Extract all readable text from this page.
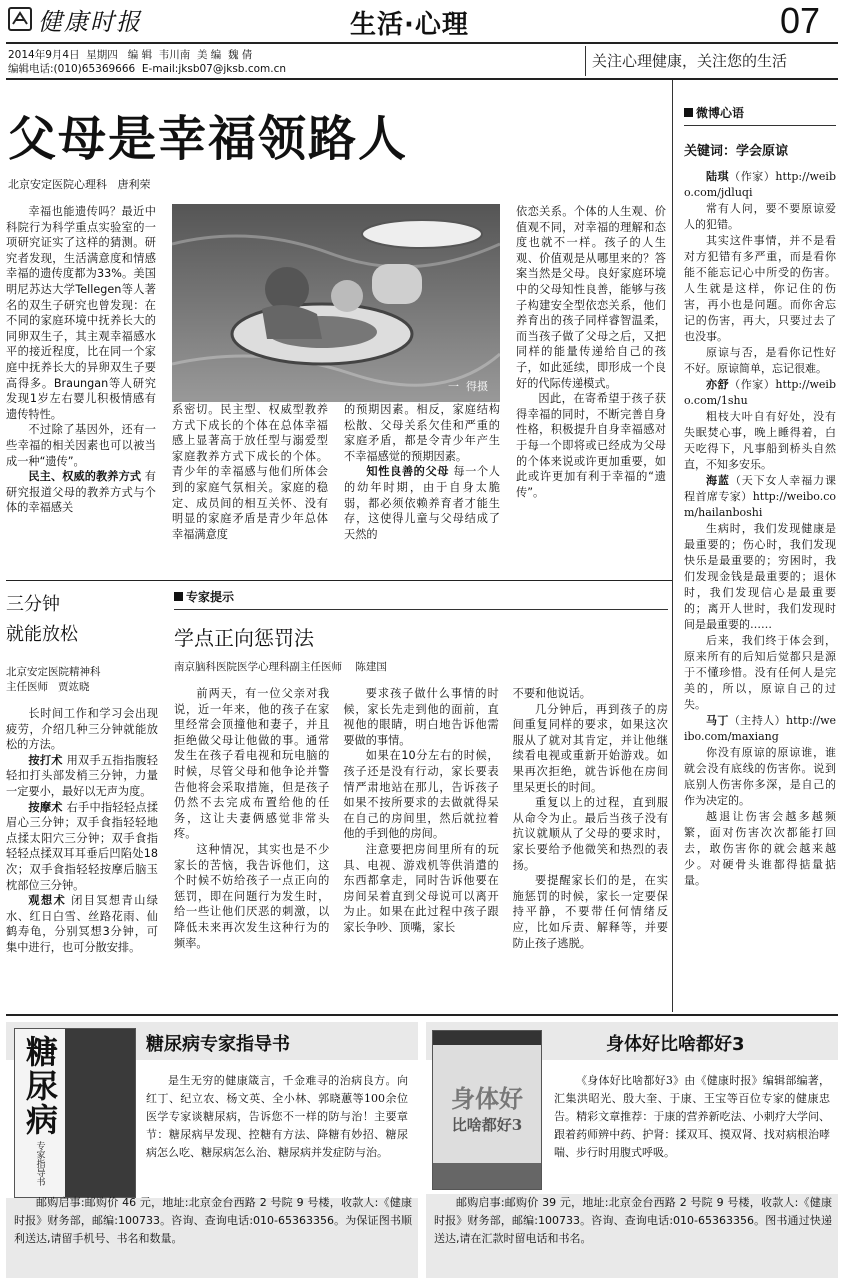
健康时报	生活·心理	07
2014年9月4日  星期四   编 辑  韦川南  美 编  魏 倩
编辑电话:(010)65369666  E-mail:jksb07@jksb.com.cn	关注心理健康，关注您的生活
父母是幸福领路人
北京安定医院心理科   唐利荣

幸福也能遗传吗？最近中科院行为科学重点实验室的一项研究证实了这样的猜测。研究者发现，生活满意度和情感幸福的遗传度都为33%。美国明尼苏达大学Tellegen等人著名的双生子研究也曾发现：在不同的家庭环境中抚养长大的同卵双生子，其主观幸福感水平的接近程度，比在同一个家庭中抚养长大的异卵双生子要高得多。Braungan等人研究发现1岁左右婴儿积极情感有遗传特性。

不过除了基因外，还有一些幸福的相关因素也可以被当成一种“遗传”。

民主、权威的教养方式 有研究报道父母的教养方式与个体的幸福感关

一  得摄

系密切。民主型、权威型教养方式下成长的个体在总体幸福感上显著高于放任型与溺爱型家庭教养方式下成长的个体。青少年的幸福感与他们所体会到的家庭气氛相关。家庭的稳定、成员间的相互关怀、没有明显的家庭矛盾是青少年总体幸福满意度

的预期因素。相反，家庭结构松散、父母关系欠佳和严重的家庭矛盾，都是令青少年产生不幸福感觉的预期因素。

知性良善的父母 每一个人的幼年时期，由于自身太脆弱，都必须依赖养育者才能生存，这使得儿童与父母结成了天然的

依恋关系。个体的人生观、价值观不同，对幸福的理解和态度也就不一样。孩子的人生观、价值观是从哪里来的？答案当然是父母。良好家庭环境中的父母知性良善，能够与孩子构建安全型依恋关系，他们养育出的孩子同样睿智温柔，而当孩子做了父母之后，又把同样的能量传递给自己的孩子，如此延续，即形成一个良好的代际传递模式。

因此，在寄希望于孩子获得幸福的同时，不断完善自身性格，积极提升自身幸福感对于每一个即将或已经成为父母的个体来说或许更加重要，如此或许更加有利于幸福的“遗传”。

三分钟
就能放松
北京安定医院精神科
主任医师   贾竑晓

长时间工作和学习会出现疲劳，介绍几种三分钟就能放松的方法。

按打术 用双手五指指腹轻轻扣打头部发梢三分钟，力量一定要小，最好以无声为度。

按摩术 右手中指轻轻点揉眉心三分钟；双手食指轻轻地点揉太阳穴三分钟；双手食指轻轻点揉双耳耳垂后凹陷处18次；双手食指轻轻按摩后脑玉枕部位三分钟。

观想术 闭目冥想青山绿水、红日白雪、丝路花雨、仙鹤寿龟，分别冥想3分钟，可集中进行，也可分散安排。

专家提示
学点正向惩罚法
南京脑科医院医学心理科副主任医师    陈建国

前两天，有一位父亲对我说，近一年来，他的孩子在家里经常会顶撞他和妻子，并且拒绝做父母让他做的事。通常发生在孩子看电视和玩电脑的时候，尽管父母和他争论并警告他将会采取措施，但是孩子仍然不去完成布置给他的任务，这让夫妻俩感觉非常头疼。

这种情况，其实也是不少家长的苦恼，我告诉他们，这个时候不妨给孩子一点正向的惩罚，即在问题行为发生时，给一些让他们厌恶的刺激，以降低未来再次发生这种行为的频率。

要求孩子做什么事情的时候，家长先走到他的面前，直视他的眼睛，明白地告诉他需要做的事情。

如果在10分左右的时候，孩子还是没有行动，家长要表情严肃地站在那儿，告诉孩子如果不按所要求的去做就得呆在自己的房间里，然后就拉着他的手到他的房间。

注意要把房间里所有的玩具、电视、游戏机等供消遣的东西都拿走，同时告诉他要在房间呆着直到父母说可以离开为止。如果在此过程中孩子跟家长争吵、顶嘴，家长

不要和他说话。

几分钟后，再到孩子的房间重复同样的要求，如果这次服从了就对其肯定，并让他继续看电视或重新开始游戏。如果再次拒绝，就告诉他在房间里呆更长的时间。

重复以上的过程，直到服从命令为止。最后当孩子没有抗议就顺从了父母的要求时，家长要给予他微笑和热烈的表扬。

要提醒家长们的是，在实施惩罚的时候，家长一定要保持平静，不要带任何情绪反应，比如斥责、解释等，并要防止孩子逃脱。

微博心语
关键词：学会原谅

陆琪（作家）http://weibo.com/jdluqi

常有人问，要不要原谅爱人的犯错。

其实这件事情，并不是看对方犯错有多严重，而是看你能不能忘记心中所受的伤害。人生就是这样，你记住的伤害，再小也是问题。而你舍忘记的伤害，再大，只要过去了也没事。

原谅与否，是看你记性好不好。原谅简单，忘记很难。

亦舒（作家）http://weibo.com/1shu

粗枝大叶自有好处，没有失眠焚心事，晚上睡得着，白天吃得下，凡事船到桥头自然直，不知多安乐。

海蓝（天下女人幸福力课程首席专家）http://weibo.com/hailanboshi

生病时，我们发现健康是最重要的；伤心时，我们发现快乐是最重要的；穷困时，我们发现金钱是最重要的；退休时，我们发现信心是最重要的；离开人世时，我们发现时间是最重要的……

后来，我们终于体会到，原来所有的后知后觉都只是源于不懂珍惜。没有任何人是完美的，所以，原谅自己的过失。

马丁（主持人）http://weibo.com/maxiang

你没有原谅的原谅谁，谁就会没有底线的伤害你。说到底别人伤害你多深，是自己的作为决定的。

越退让伤害会越多越频繁，面对伤害次次都能打回去，敢伤害你的就会越来越少。对硬骨头谁都得掂量掂量。

糖尿病专家指导书
糖尿病
专家指导书
是生无穷的健康箴言，千金难寻的治病良方。向红丁、纪立农、杨文英、全小林、郭晓蕙等100余位医学专家谈糖尿病，告诉您不一样的防与治！主要章节：糖尿病早发现、控糖有方法、降糖有妙招、糖尿病怎么吃、糖尿病怎么治、糖尿病并发症防与治。
邮购启事:邮购价 46 元，地址:北京金台西路 2 号院 9 号楼，收款人:《健康时报》财务部，邮编:100733。咨询、查询电话:010-65363356。为保证图书顺利送达,请留手机号、书名和数量。
身体好比啥都好3
身体好
比啥都好3
《身体好比啥都好3》由《健康时报》编辑部编著，汇集洪昭光、殷大奎、于康、王宝等百位专家的健康忠告。精彩文章推荐：于康的营养新吃法、小刺疗大学问、跟着药师辨中药、护肾：揉双耳、摸双肾、找对病根治哮喘、步行时用腹式呼吸。
邮购启事:邮购价 39 元，地址:北京金台西路 2 号院 9 号楼，收款人:《健康时报》财务部，邮编:100733。咨询、查询电话:010-65363356。图书通过快递送达,请在汇款时留电话和书名。
